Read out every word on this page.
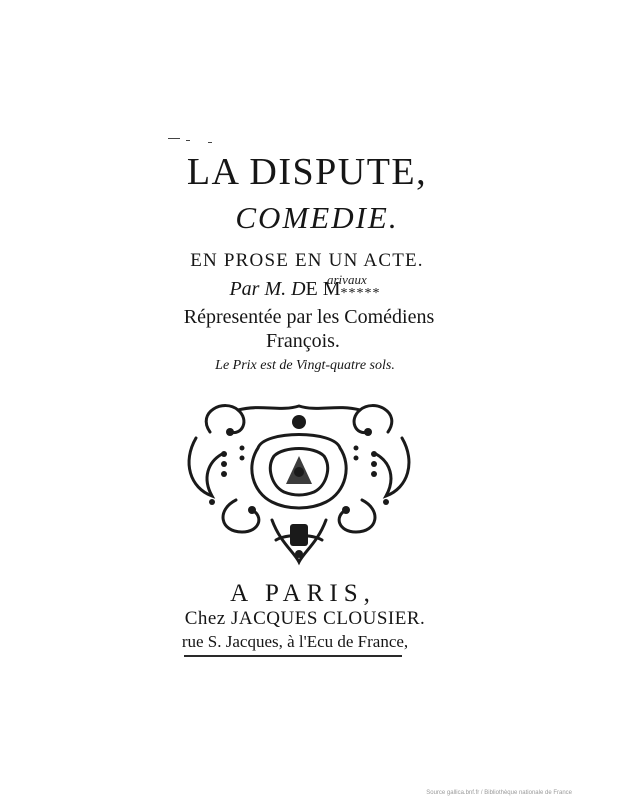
LA DISPUTE,
COMEDIE.
EN PROSE EN UN ACTE.
Par M. DE M*****
arivaux
Répresentée par les Comédiens
François.
Le Prix est de Vingt-quatre sols.
A PARIS,
Chez JACQUES CLOUSIER.
rue S. Jacques, à l'Ecu de France,
Source gallica.bnf.fr / Bibliothèque nationale de France
